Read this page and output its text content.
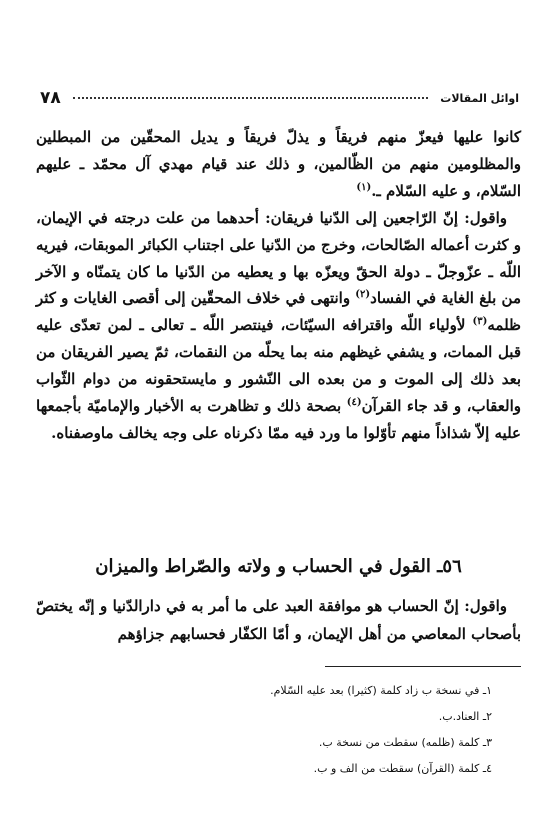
اوائل المقالات
٧٨

كانوا عليها فيعزّ منهم فريقاً و يذلّ فريقاً و يديل المحقّين من المبطلين والمظلومين منهم من الظّالمين، و ذلك عند قيام مهدي آل محمّد ـ عليهم السّلام، و عليه السّلام ـ.$^{(١)}$

واقول: إنّ الرّاجعين إلى الدّنيا فريقان: أحدهما من علت درجته في الإيمان، و كثرت أعماله الصّالحات، وخرج من الدّنيا على اجتناب الكبائر الموبقات، فيريه اللّه ـ عزّوجلّ ـ دولة الحقّ ويعزّه بها و يعطيه من الدّنيا ما كان يتمنّاه و الآخر من بلغ الغاية في الفساد$^{(٢)}$ وانتهى في خلاف المحقّين إلى أقصى الغايات و كثر ظلمه$^{(٣)}$ لأولياء اللّه واقترافه السيّئات، فينتصر اللّه ـ تعالى ـ لمن تعدّى عليه قبل الممات، و يشفي غيظهم منه بما يحلّه من النقمات، ثمّ يصير الفريقان من بعد ذلك إلى الموت و من بعده الى النّشور و مايستحقونه من دوام الثّواب والعقاب، و قد جاء القرآن$^{(٤)}$ بصحة ذلك و تظاهرت به الأخبار والإماميّة بأجمعها عليه إلاّ شذاذاً منهم تأوّلوا ما ورد فيه ممّا ذكرناه على وجه يخالف ماوصفناه.

٥٦ـ القول في الحساب و ولاته والصّراط والميزان

واقول: إنّ الحساب هو موافقة العبد على ما أمر به في دارالدّنيا و إنّه يختصّ بأصحاب المعاصي من أهل الإيمان، و أمّا الكفّار فحسابهم جزاؤهم

١ـ في نسخة ب زاد كلمة (كثيرا) بعد عليه السّلام.
٢ـ العناد.ب.
٣ـ كلمة (ظلمه) سقطت من نسخة ب.
٤ـ كلمة (القرآن) سقطت من الف و ب.
